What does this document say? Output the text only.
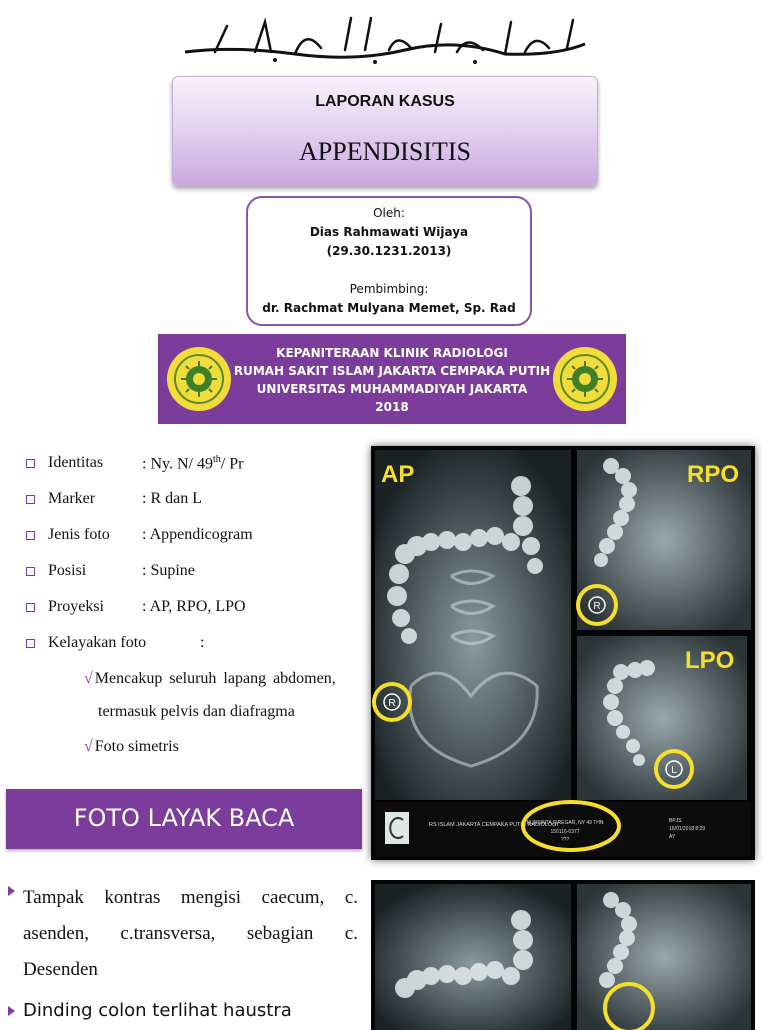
LAPORAN KASUS
APPENDISITIS
Oleh:
Dias Rahmawati Wijaya
(29.30.1231.2013)
Pembimbing:
dr. Rachmat Mulyana Memet, Sp. Rad
KEPANITERAAN KLINIK RADIOLOGI
RUMAH SAKIT ISLAM JAKARTA CEMPAKA PUTIH
UNIVERSITAS MUHAMMADIYAH JAKARTA
2018
Identitas : Ny. N/ 49th/ Pr
Marker	: R dan L
Jenis foto : Appendicogram
Posisi	: Supine
Proyeksi : AP, RPO, LPO
Kelayakan foto	:
√ Mencakup seluruh lapang abdomen,
termasuk pelvis dan diafragma
√ Foto simetris
FOTO LAYAK BACA
Tampak kontras mengisi caecum, c.
asenden, c.transversa, sebagian c.
Desenden
Dinding colon terlihat haustra
AP	RPO
LPO
R
R
L
RS ISLAM JAKARTA CEMPAKA PUTIH RADIOLOGI
NURSINTA SIREGAR, NY 49 THN
150116-0377
???
BPJS
16/01/2018 8:29
AY
